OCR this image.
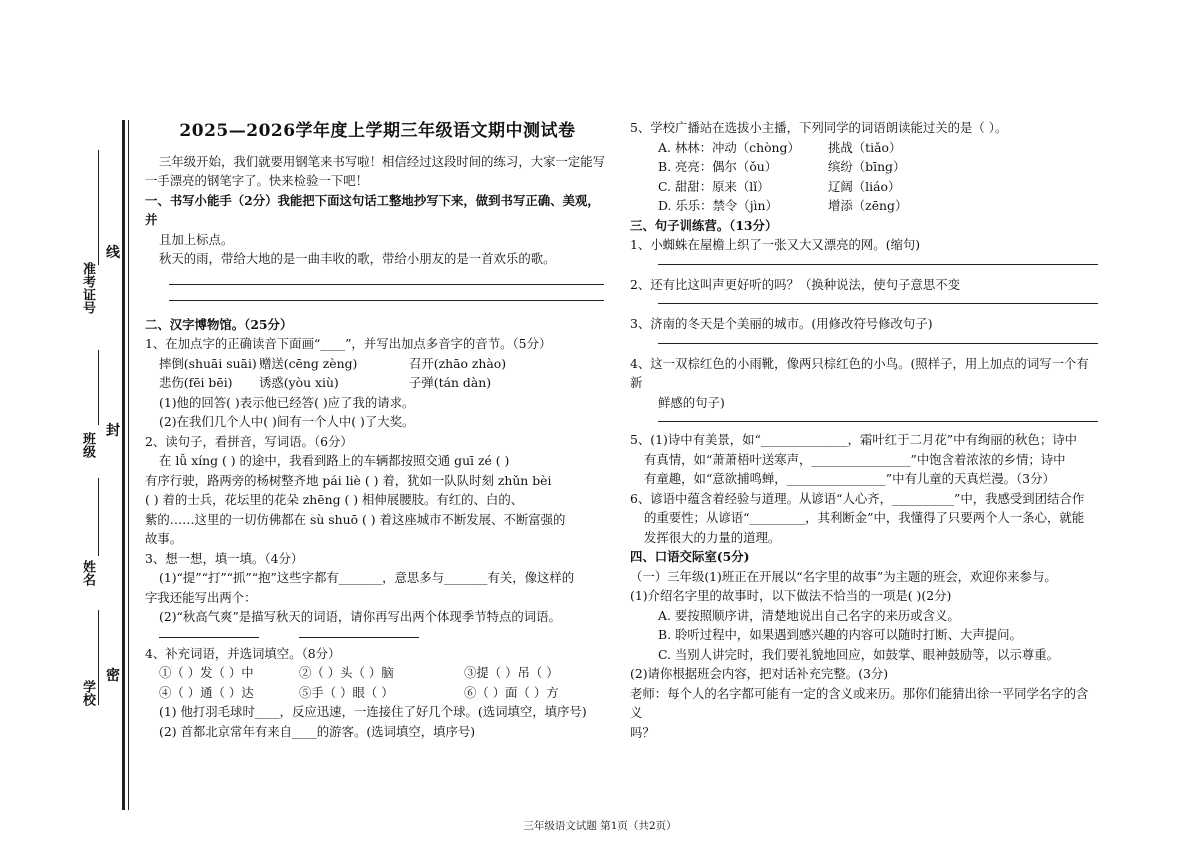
准考证号
班级
姓名
学校
线
封
密
2025—2026学年度上学期三年级语文期中测试卷

三年级开始，我们就要用钢笔来书写啦！相信经过这段时间的练习，大家一定能写

一手漂亮的钢笔字了。快来检验一下吧！

一、书写小能手（2分）我能把下面这句话工整地抄写下来，做到书写正确、美观，并

且加上标点。

秋天的雨，带给大地的是一曲丰收的歌，带给小朋友的是一首欢乐的歌。

二、汉字博物馆。（25分）

1、在加点字的正确读音下面画“____”，并写出加点多音字的音节。（5分）

摔倒(shuāi suāi) 赠送(cēng zèng)	召开(zhāo zhào)
悲伤(fēi bēi)	诱惑(yòu xiù)	子弹(tán dàn)

(1)他的回答( )表示他已经答( )应了我的请求。

(2)在我们几个人中( )间有一个人中( )了大奖。

2、读句子，看拼音，写词语。（6分）

在 lǚ xíng ( ) 的途中，我看到路上的车辆都按照交通 guī zé ( )

有序行驶，路两旁的杨树整齐地 pái liè ( ) 着，犹如一队队时刻 zhǔn bèi

( ) 着的士兵，花坛里的花朵 zhēng ( ) 相伸展腰肢。有红的、白的、

紫的……这里的一切仿佛都在 sù shuō ( ) 着这座城市不断发展、不断富强的

故事。

3、想一想，填一填。（4分）

(1)“提”“打”“抓”“抱”这些字都有_______，意思多与_______有关，像这样的

字我还能写出两个：

(2)“秋高气爽”是描写秋天的词语，请你再写出两个体现季节特点的词语。

4、补充词语，并选词填空。（8分）

①（ ）发（ ）中	②（ ）头（ ）脑	③提（ ）吊（ ）
④（ ）通（ ）达	⑤手（ ）眼（ ）	⑥（ ）面（ ）方

(1) 他打羽毛球时____，反应迅速，一连接住了好几个球。(选词填空，填序号)

(2) 首都北京常年有来自____的游客。(选词填空，填序号)

5、学校广播站在选拔小主播，下列同学的词语朗读能过关的是（ ）。

A. 林林：冲动（chòng）	挑战（tiǎo）
B. 亮亮：偶尔（ǒu）	缤纷（bīng）
C. 甜甜：原来（lǐ）	辽阔（liáo）
D. 乐乐：禁令（jìn）	增添（zēng）

三、句子训练营。（13分）

1、小蜘蛛在屋檐上织了一张又大又漂亮的网。(缩句)

2、还有比这叫声更好听的吗？（换种说法，使句子意思不变

3、济南的冬天是个美丽的城市。(用修改符号修改句子)

4、这一双棕红色的小雨靴，像两只棕红色的小鸟。(照样子，用上加点的词写一个有新

鲜感的句子)

5、(1)诗中有美景，如“______________，霜叶红于二月花”中有绚丽的秋色；诗中

有真情，如“萧萧梧叶送寒声，________________”中饱含着浓浓的乡情；诗中

有童趣，如“意欲捕鸣蝉，________________”中有儿童的天真烂漫。（3分）

6、谚语中蕴含着经验与道理。从谚语“人心齐，__________”中，我感受到团结合作

的重要性；从谚语“_________，其利断金”中，我懂得了只要两个人一条心，就能

发挥很大的力量的道理。

四、口语交际室(5分)

（一）三年级(1)班正在开展以“名字里的故事”为主题的班会，欢迎你来参与。

(1)介绍名字里的故事时，以下做法不恰当的一项是( )(2分)

A. 要按照顺序讲，清楚地说出自己名字的来历或含义。

B. 聆听过程中，如果遇到感兴趣的内容可以随时打断、大声提问。

C. 当别人讲完时，我们要礼貌地回应，如鼓掌、眼神鼓励等，以示尊重。

(2)请你根据班会内容，把对话补充完整。(3分)

老师：每个人的名字都可能有一定的含义或来历。那你们能猜出徐一平同学名字的含义

吗？

三年级语文试题 第1页（共2页）
